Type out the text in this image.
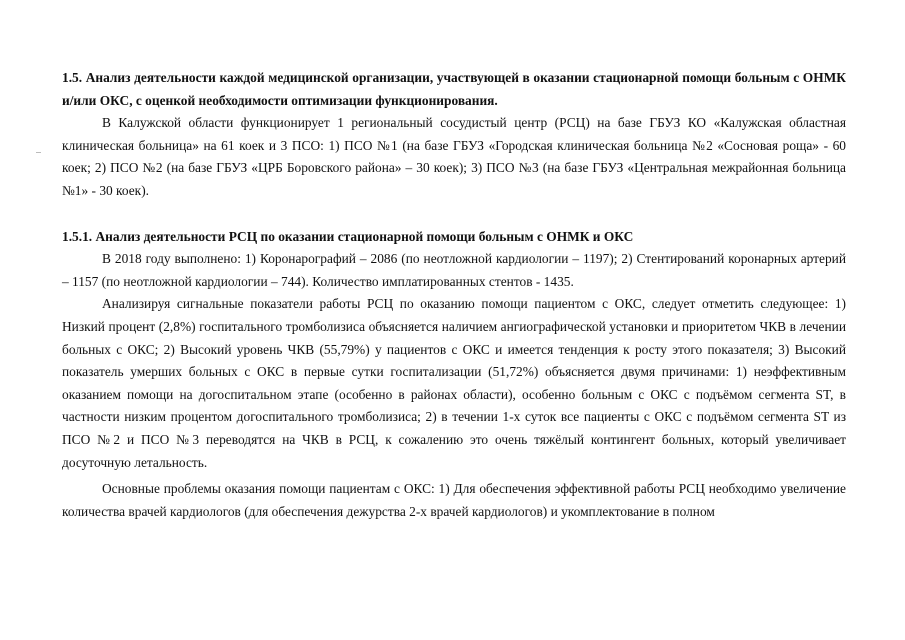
1.5. Анализ деятельности каждой медицинской организации, участвующей в оказании стационарной помощи больным с ОНМК и/или ОКС, с оценкой необходимости оптимизации функционирования.

В Калужской области функционирует 1 региональный сосудистый центр (РСЦ) на базе ГБУЗ КО «Калужская областная клиническая больница» на 61 коек и 3 ПСО: 1) ПСО №1 (на базе ГБУЗ «Городская клиническая больница №2 «Сосновая роща» - 60 коек; 2) ПСО №2 (на базе ГБУЗ «ЦРБ Боровского района» – 30 коек); 3) ПСО №3 (на базе ГБУЗ «Центральная межрайонная больница №1» - 30 коек).

1.5.1. Анализ деятельности РСЦ по оказании стационарной помощи больным с ОНМК и ОКС

В 2018 году выполнено: 1) Коронарографий – 2086 (по неотложной кардиологии – 1197); 2) Стентирований коронарных артерий – 1157 (по неотложной кардиологии – 744). Количество имплатированных стентов - 1435.

Анализируя сигнальные показатели работы РСЦ по оказанию помощи пациентом с ОКС, следует отметить следующее: 1) Низкий процент (2,8%) госпитального тромболизиса объясняется наличием ангиографической установки и приоритетом ЧКВ в лечении больных с ОКС; 2) Высокий уровень ЧКВ (55,79%) у пациентов с ОКС и имеется тенденция к росту этого показателя; 3) Высокий показатель умерших больных с ОКС в первые сутки госпитализации (51,72%) объясняется двумя причинами: 1) неэффективным оказанием помощи на догоспитальном этапе (особенно в районах области), особенно больным с ОКС с подъёмом сегмента ST, в частности низким процентом догоспитального тромболизиса; 2) в течении 1-х суток все пациенты с ОКС с подъёмом сегмента ST из ПСО №2 и ПСО №3 переводятся на ЧКВ в РСЦ, к сожалению это очень тяжёлый контингент больных, который увеличивает досуточную летальность.

Основные проблемы оказания помощи пациентам с ОКС: 1) Для обеспечения эффективной работы РСЦ необходимо увеличение количества врачей кардиологов (для обеспечения дежурства 2-х врачей кардиологов) и укомплектование в полном
